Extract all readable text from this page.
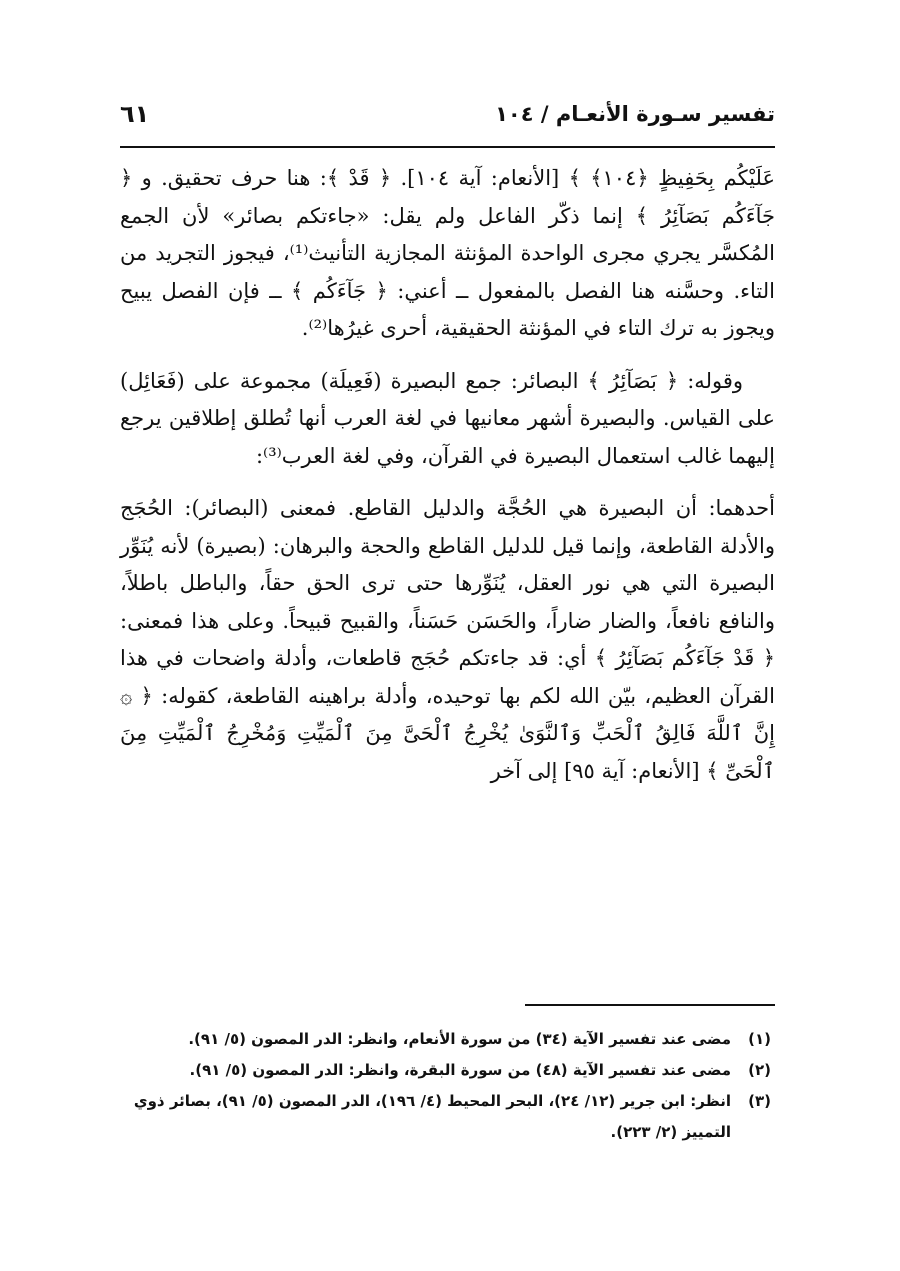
تفسير سـورة الأنعـام / ١٠٤
٦١

عَلَيْكُم بِحَفِيظٍ ﴿١٠٤﴾ ﴾ [الأنعام: آية ١٠٤]. ﴿ قَدْ ﴾: هنا حرف تحقيق. و ﴿ جَآءَكُم بَصَآئِرُ ﴾ إنما ذكّر الفاعل ولم يقل: «جاءتكم بصائر» لأن الجمع المُكسَّر يجري مجرى الواحدة المؤنثة المجازية التأنيث⁽¹⁾، فيجوز التجريد من التاء. وحسَّنه هنا الفصل بالمفعول ــ أعني: ﴿ جَآءَكُم ﴾ ــ فإن الفصل يبيح ويجوز به ترك التاء في المؤنثة الحقيقية، أحرى غيرُها⁽²⁾.

وقوله: ﴿ بَصَآئِرُ ﴾ البصائر: جمع البصيرة (فَعِيلَة) مجموعة على (فَعَائِل) على القياس. والبصيرة أشهر معانيها في لغة العرب أنها تُطلق إطلاقين يرجع إليهما غالب استعمال البصيرة في القرآن، وفي لغة العرب⁽³⁾:

أحدهما: أن البصيرة هي الحُجَّة والدليل القاطع. فمعنى (البصائر): الحُجَج والأدلة القاطعة، وإنما قيل للدليل القاطع والحجة والبرهان: (بصيرة) لأنه يُنَوِّر البصيرة التي هي نور العقل، يُنَوِّرها حتى ترى الحق حقاً، والباطل باطلاً، والنافع نافعاً، والضار ضاراً، والحَسَن حَسَناً، والقبيح قبيحاً. وعلى هذا فمعنى: ﴿ قَدْ جَآءَكُم بَصَآئِرُ ﴾ أي: قد جاءتكم حُجَج قاطعات، وأدلة واضحات في هذا القرآن العظيم، بيّن الله لكم بها توحيده، وأدلة براهينه القاطعة، كقوله: ﴿ ۞ إِنَّ ٱللَّهَ فَالِقُ ٱلْحَبِّ وَٱلنَّوَىٰ يُخْرِجُ ٱلْحَىَّ مِنَ ٱلْمَيِّتِ وَمُخْرِجُ ٱلْمَيِّتِ مِنَ ٱلْحَىِّ ﴾ [الأنعام: آية ٩٥] إلى آخر

(١)
مضى عند تفسير الآية (٣٤) من سورة الأنعام، وانظر: الدر المصون (٥/ ٩١).
(٢)
مضى عند تفسير الآية (٤٨) من سورة البقرة، وانظر: الدر المصون (٥/ ٩١).
(٣)
انظر: ابن جرير (١٢/ ٢٤)، البحر المحيط (٤/ ١٩٦)، الدر المصون (٥/ ٩١)، بصائر ذوي التمييز (٢/ ٢٢٣).
